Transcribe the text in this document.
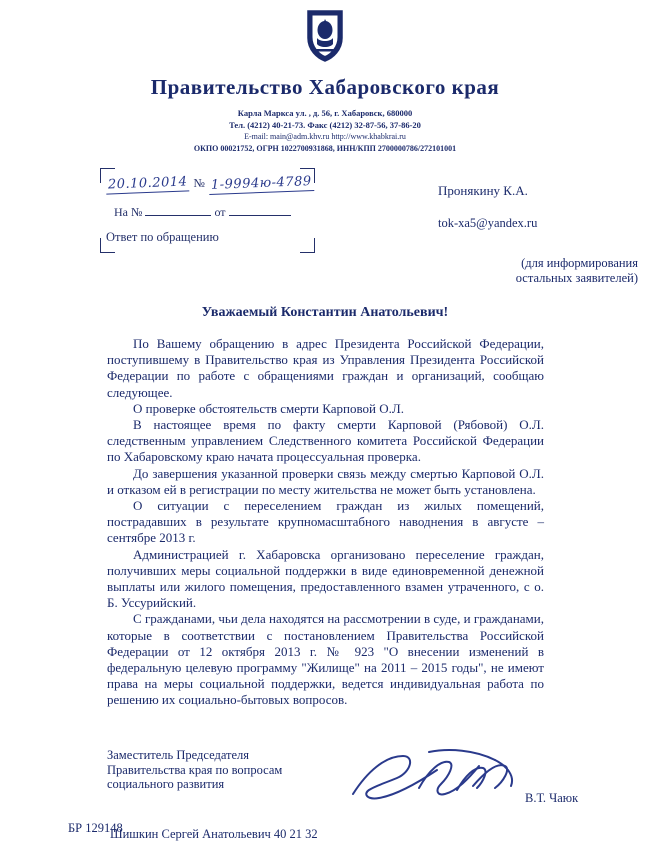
Правительство Хабаровского края
Карла Маркса ул. , д. 56, г. Хабаровск, 680000
Тел. (4212) 40-21-73. Факс (4212) 32-87-56, 37-86-20
E-mail: main@adm.khv.ru http://www.khabkrai.ru
ОКПО 00021752, ОГРН 1022700931868, ИНН/КПП 2700000786/272101001
20.10.2014 № 1-9994ю-4789
На №	от
Ответ по обращению
Пронякину К.А.
tok-xa5@yandex.ru
(для информирования
остальных заявителей)
Уважаемый Константин Анатольевич!

По Вашему обращению в адрес Президента Российской Федерации, поступившему в Правительство края из Управления Президента Российской Федерации по работе с обращениями граждан и организаций, сообщаю следующее.

О проверке обстоятельств смерти Карповой О.Л.

В настоящее время по факту смерти Карповой (Рябовой) О.Л. следственным управлением Следственного комитета Российской Федерации по Хабаровскому краю начата процессуальная проверка.

До завершения указанной проверки связь между смертью Карповой О.Л. и отказом ей в регистрации по месту жительства не может быть установлена.

О ситуации с переселением граждан из жилых помещений, пострадавших в результате крупномасштабного наводнения в августе – сентябре 2013 г.

Администрацией г. Хабаровска организовано переселение граждан, получивших меры социальной поддержки в виде единовременной денежной выплаты или жилого помещения, предоставленного взамен утраченного, с о. Б. Уссурийский.

С гражданами, чьи дела находятся на рассмотрении в суде, и гражданами, которые в соответствии с постановлением Правительства Российской Федерации от 12 октября 2013 г. № 923 "О внесении изменений в федеральную целевую программу "Жилище" на 2011 – 2015 годы", не имеют права на меры социальной поддержки, ведется индивидуальная работа по решению их социально-бытовых вопросов.

Заместитель Председателя
Правительства края по вопросам
социального развития
В.Т. Чаюк
БР 129148
Шишкин Сергей Анатольевич 40 21 32
